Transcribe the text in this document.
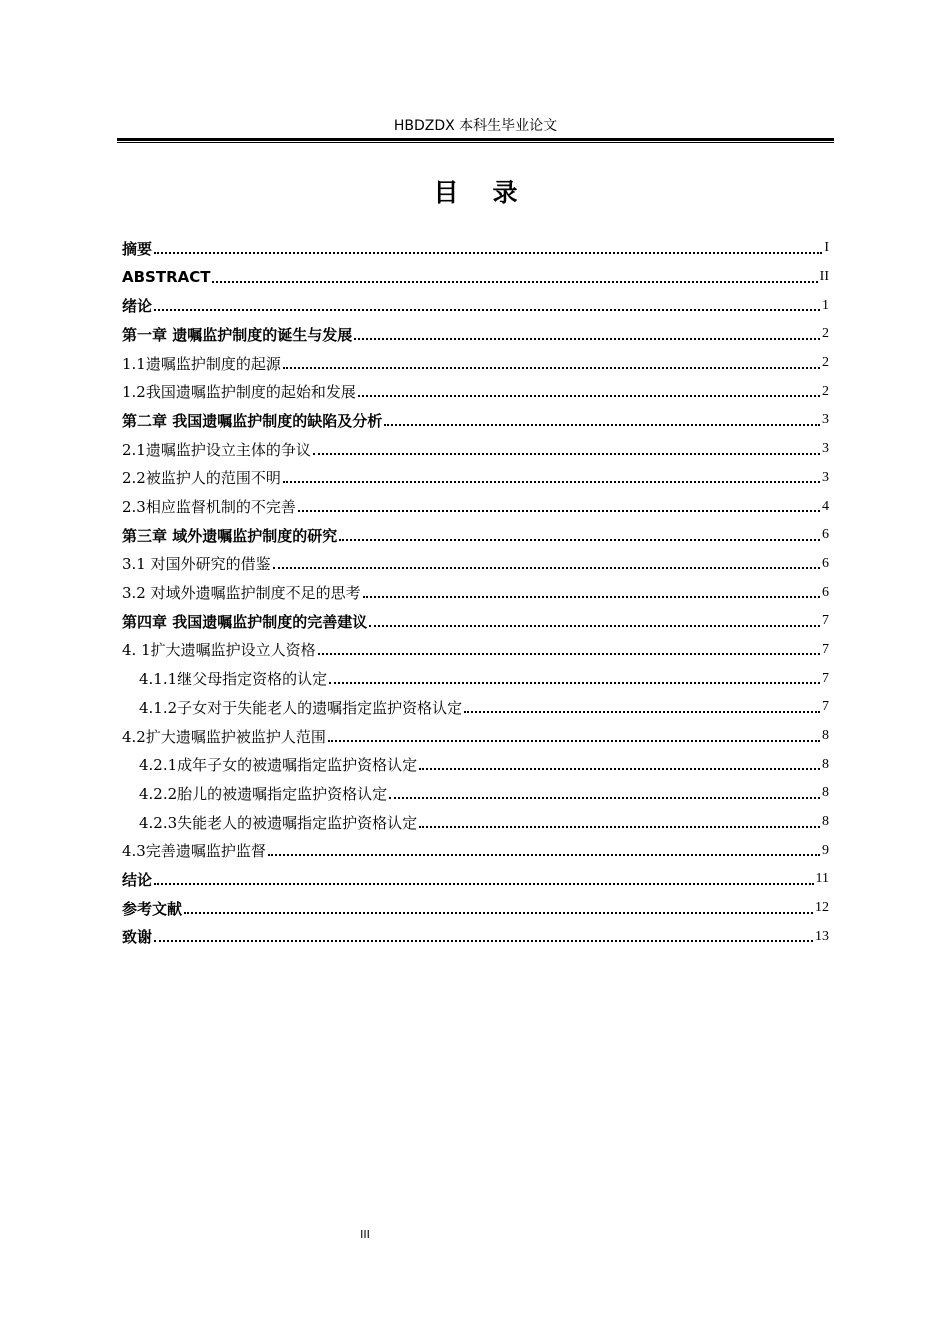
HBDZDX 本科生毕业论文
目录
摘要	I
ABSTRACT	II
绪论	1
第一章 遗嘱监护制度的诞生与发展	2
1.1遗嘱监护制度的起源	2
1.2我国遗嘱监护制度的起始和发展	2
第二章 我国遗嘱监护制度的缺陷及分析	3
2.1遗嘱监护设立主体的争议	3
2.2被监护人的范围不明	3
2.3相应监督机制的不完善	4
第三章 域外遗嘱监护制度的研究	6
3.1 对国外研究的借鉴	6
3.2 对域外遗嘱监护制度不足的思考	6
第四章 我国遗嘱监护制度的完善建议	7
4. 1扩大遗嘱监护设立人资格	7
4.1.1继父母指定资格的认定	7
4.1.2子女对于失能老人的遗嘱指定监护资格认定	7
4.2扩大遗嘱监护被监护人范围	8
4.2.1成年子女的被遗嘱指定监护资格认定	8
4.2.2胎儿的被遗嘱指定监护资格认定	8
4.2.3失能老人的被遗嘱指定监护资格认定	8
4.3完善遗嘱监护监督	9
结论	11
参考文献	12
致谢	13
III
